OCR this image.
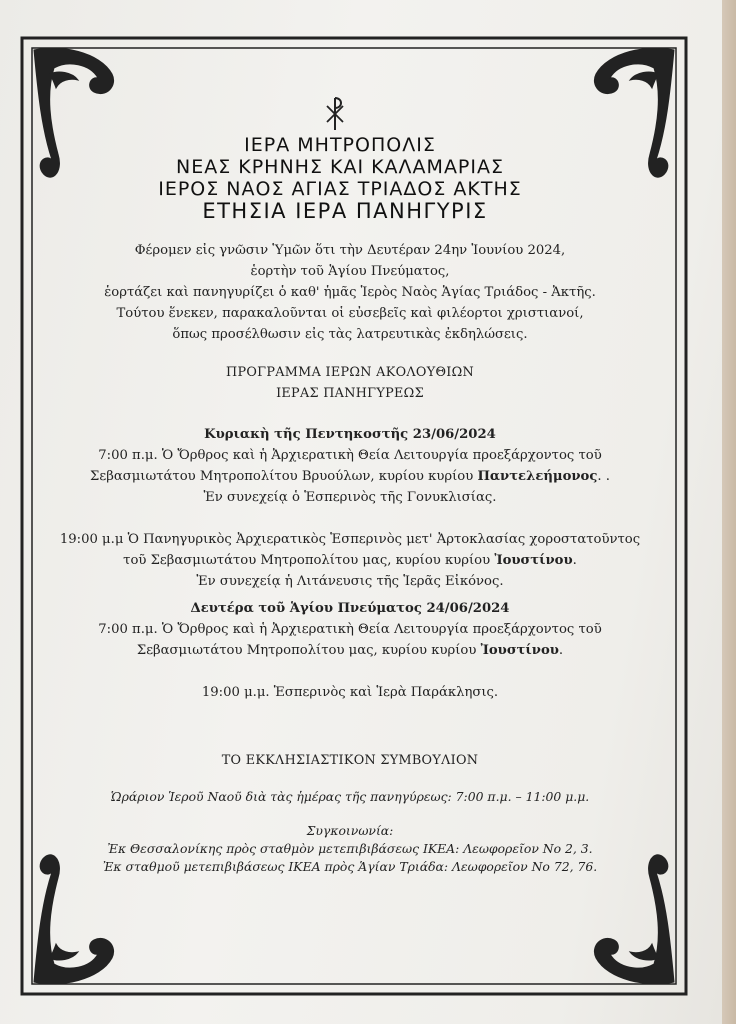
ΙΕΡΑ ΜΗΤΡΟΠΟΛΙΣ
ΝΕΑΣ ΚΡΗΝΗΣ ΚΑΙ ΚΑΛΑΜΑΡΙΑΣ
ΙΕΡΟΣ ΝΑΟΣ ΑΓΙΑΣ ΤΡΙΑΔΟΣ ΑΚΤΗΣ
ΕΤΗΣΙΑ ΙΕΡΑ ΠΑΝΗΓΥΡΙΣ
Φέρομεν εἰς γνῶσιν Ὑμῶν ὅτι τὴν Δευτέραν 24ην Ἰουνίου 2024,
ἑορτὴν τοῦ Ἁγίου Πνεύματος,
ἑορτάζει καὶ πανηγυρίζει ὁ καθ' ἡμᾶς Ἱερὸς Ναὸς Ἁγίας Τριάδος - Ἀκτῆς.
Τούτου ἕνεκεν, παρακαλοῦνται οἱ εὐσεβεῖς καὶ φιλέορτοι χριστιανοί,
ὅπως προσέλθωσιν εἰς τὰς λατρευτικὰς ἐκδηλώσεις.
ΠΡΟΓΡΑΜΜΑ ΙΕΡΩΝ ΑΚΟΛΟΥΘΙΩΝ
ΙΕΡΑΣ ΠΑΝΗΓΥΡΕΩΣ
Κυριακὴ τῆς Πεντηκοστῆς 23/06/2024
7:00 π.μ. Ὁ Ὄρθρος καὶ ἡ Ἀρχιερατικὴ Θεία Λειτουργία προεξάρχοντος τοῦ
Σεβασμιωτάτου Μητροπολίτου Βρυούλων, κυρίου κυρίου Παντελεήμονος. .
Ἐν συνεχείᾳ ὁ Ἑσπερινὸς τῆς Γονυκλισίας.
19:00 μ.μ Ὁ Πανηγυρικὸς Ἀρχιερατικὸς Ἑσπερινὸς μετ' Ἀρτοκλασίας χοροστατοῦντος
τοῦ Σεβασμιωτάτου Μητροπολίτου μας, κυρίου κυρίου Ἰουστίνου.
Ἐν συνεχείᾳ ἡ Λιτάνευσις τῆς Ἱερᾶς Εἰκόνος.
Δευτέρα τοῦ Ἁγίου Πνεύματος 24/06/2024
7:00 π.μ. Ὁ Ὄρθρος καὶ ἡ Ἀρχιερατικὴ Θεία Λειτουργία προεξάρχοντος τοῦ
Σεβασμιωτάτου Μητροπολίτου μας, κυρίου κυρίου Ἰουστίνου.
19:00 μ.μ. Ἑσπερινὸς καὶ Ἱερὰ Παράκλησις.
ΤΟ ΕΚΚΛΗΣΙΑΣΤΙΚΟΝ ΣΥΜΒΟΥΛΙΟΝ
Ὡράριον Ἱεροῦ Ναοῦ διὰ τὰς ἡμέρας τῆς πανηγύρεως: 7:00 π.μ. – 11:00 μ.μ.
Συγκοινωνία:
Ἐκ Θεσσαλονίκης πρὸς σταθμὸν μετεπιβιβάσεως ΙΚΕΑ: Λεωφορεῖον Νο 2, 3.
Ἐκ σταθμοῦ μετεπιβιβάσεως ΙΚΕΑ πρὸς Ἁγίαν Τριάδα: Λεωφορεῖον Νο 72, 76.
